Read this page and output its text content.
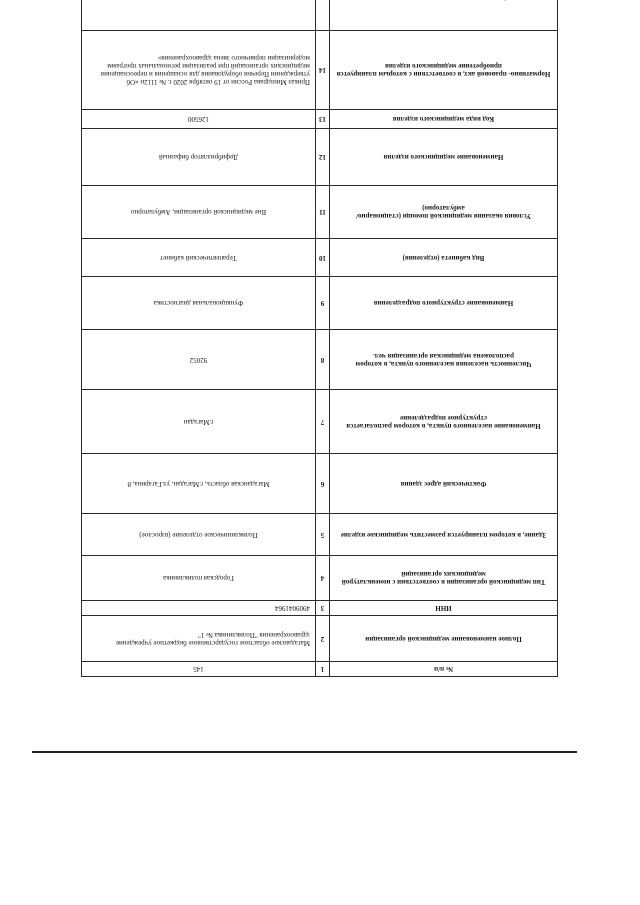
№ п/п	1	145
Полное наименование медицинской организации	2	Магаданское областное государственное бюджетное учреждение здравоохранения "Поликлиника № 1"
ИНН	3	4909041964
Тип медицинской организации в соответствии с номенклатурой медицинских организаций	4	Городская поликлиника
Здание, в котором планируется разместить медицинское изделие	5	Поликлиническое отделение (взрослое)
Фактический адрес здания	6	Магаданская область, г.Магадан, ул.Гагарина, 8
Наименование населенного пункта, в котором располагается структурное подразделение	7	г.Магадан
Численность населения населенного пункта, в котором расположена медицинская организация чел.	8	92052
Наименование структурного подразделения	9	Функциональная диагностика
Вид кабинета (отделения)	10	Терапевтический кабинет
Условия оказания медицинской помощи (стационарно/амбулаторно)	11	Вне медицинской организации, Амбулаторно
Наименование медицинского изделия	12	Дефибриллятор бифазный
Код вида медицинского изделия	13	126500
Нормативно- правовой акт, в соответствии с которым планируется приобретение медицинского изделия	14	Приказ Минздрава России от 19 октября 2020 г. № 1112н «Об утверждении Перечня оборудования для оснащения и переоснащения медицинских организаций при реализации региональных программ модернизации первичного звена здравоохранения»
